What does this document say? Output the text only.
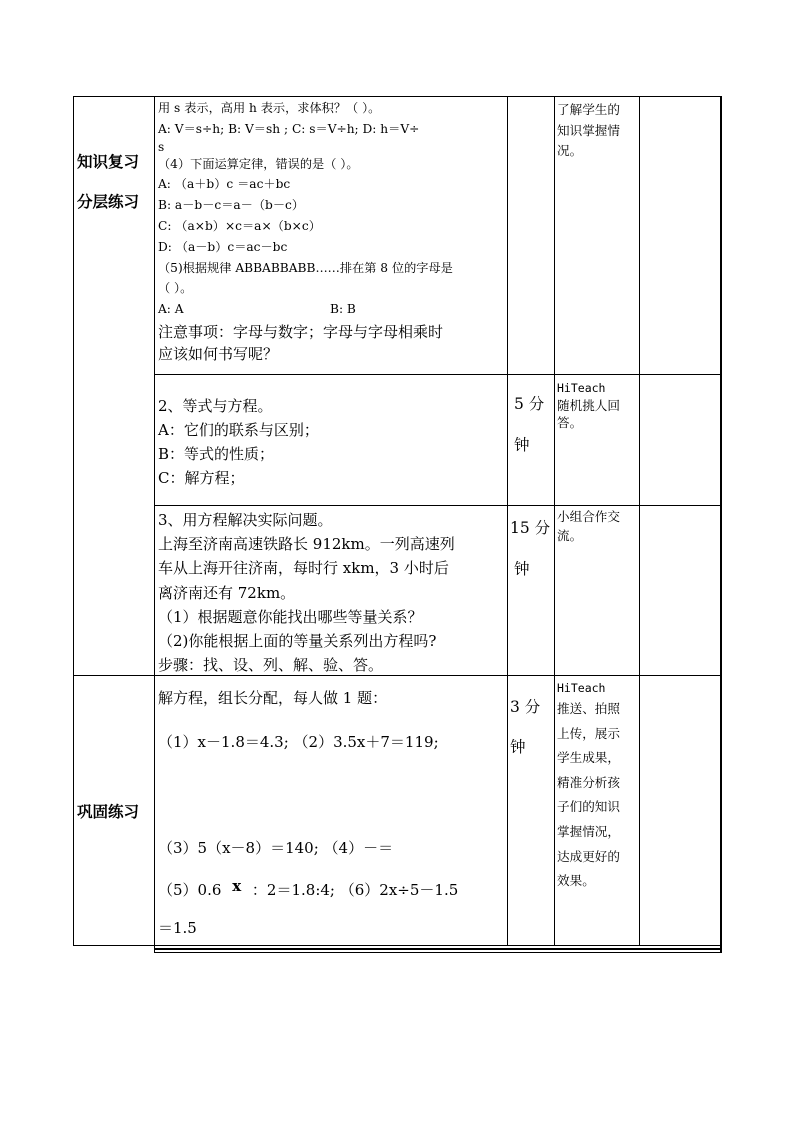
知识复习
分层练习
巩固练习
用 s 表示，高用 h 表示，求体积？（ ）。
A: V＝s÷h; B: V＝sh ; C: s＝V÷h; D: h＝V÷
s
（4）下面运算定律，错误的是（ ）。
A: （a＋b）c ＝ac＋bc
B: a－b－c＝a－（b－c）
C: （a×b）×c＝a×（b×c）
D: （a－b）c＝ac－bc
（5)根据规律 ABBABBABB……排在第 8 位的字母是
（ ）。
A: A	B: B
注意事项：字母与数字；字母与字母相乘时
应该如何书写呢？
了解学生的
知识掌握情
况。
2、等式与方程。
A：它们的联系与区别；
B：等式的性质；
C：解方程；
5 分
钟
HiTeach
随机挑人回
答。
3、用方程解决实际问题。
上海至济南高速铁路长 912km。一列高速列
车从上海开往济南，每时行 xkm，3 小时后
离济南还有 72km。
（1）根据题意你能找出哪些等量关系？
（2)你能根据上面的等量关系列出方程吗?
步骤：找、设、列、解、验、答。
15 分
钟
小组合作交
流。
解方程，组长分配，每人做 1 题：
（1）x－1.8＝4.3; （2）3.5x＋7＝119;
（3）5（x－8）＝140; （4）－＝
（5）0.6 x ：2＝1.8:4; （6）2x÷5－1.5
＝1.5
3 分
钟
HiTeach
推送、拍照
上传，展示
学生成果，
精准分析孩
子们的知识
掌握情况，
达成更好的
效果。
